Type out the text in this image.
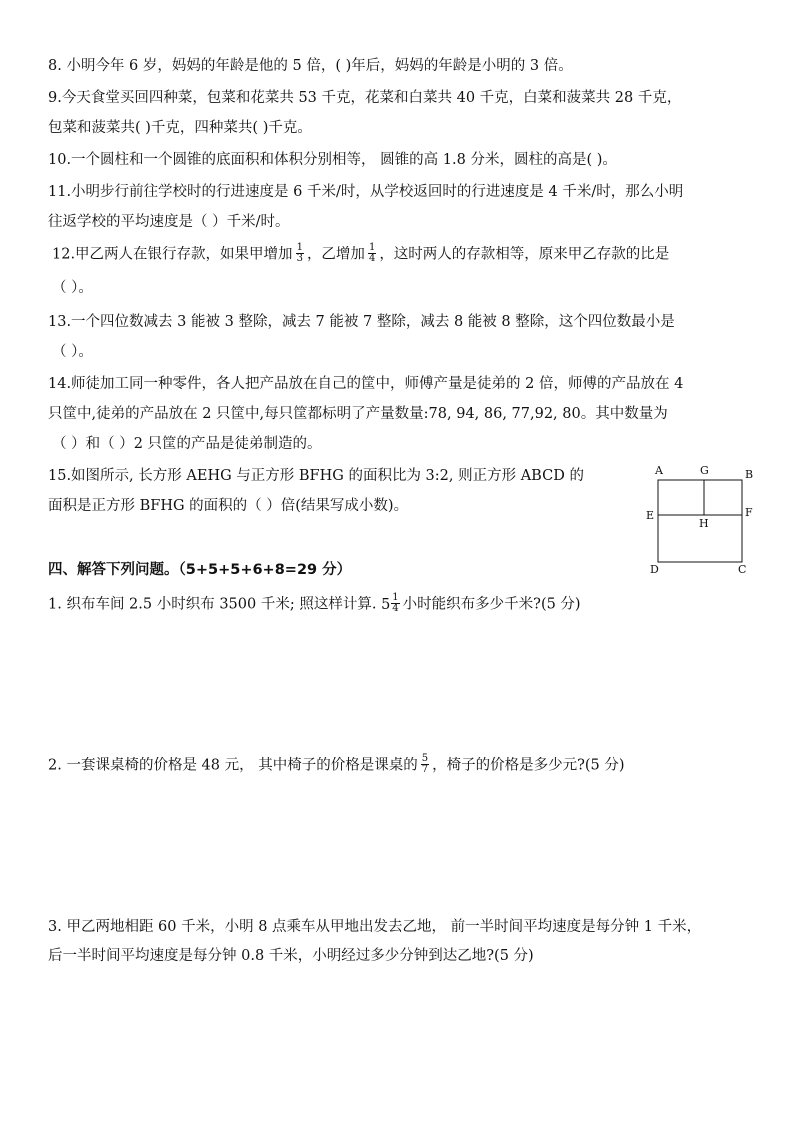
8. 小明今年 6 岁，妈妈的年龄是他的 5 倍，( )年后，妈妈的年龄是小明的 3 倍。
9.今天食堂买回四种菜，包菜和花菜共 53 千克，花菜和白菜共 40 千克，白菜和菠菜共 28 千克，
包菜和菠菜共( )千克，四种菜共( )千克。
10.一个圆柱和一个圆锥的底面积和体积分别相等， 圆锥的高 1.8 分米，圆柱的高是( )。
11.小明步行前往学校时的行进速度是 6 千米/时，从学校返回时的行进速度是 4 千米/时，那么小明
往返学校的平均速度是（ ）千米/时。
12.甲乙两人在银行存款，如果甲增加 $\frac{1}{3}$ ，乙增加 $\frac{1}{4}$ ，这时两人的存款相等，原来甲乙存款的比是
（ ）。
13.一个四位数减去 3 能被 3 整除，减去 7 能被 7 整除，减去 8 能被 8 整除，这个四位数最小是
（ ）。
14.师徒加工同一种零件，各人把产品放在自己的筐中，师傅产量是徒弟的 2 倍，师傅的产品放在 4
只筐中,徒弟的产品放在 2 只筐中,每只筐都标明了产量数量:78, 94, 86, 77,92, 80。其中数量为
（ ）和（ ）2 只筐的产品是徒弟制造的。
15.如图所示, 长方形 AEHG 与正方形 BFHG 的面积比为 3:2, 则正方形 ABCD 的
面积是正方形 BFHG 的面积的（ ）倍(结果写成小数)。
A	G	B
E
H
F
D	C
四、解答下列问题。（5+5+5+6+8=29 分）
1. 织布车间 2.5 小时织布 3500 千米; 照这样计算. $5 \frac{1}{4}$ 小时能织布多少千米?(5 分)
2. 一套课桌椅的价格是 48 元， 其中椅子的价格是课桌的 $\frac{5}{7}$ ，椅子的价格是多少元?(5 分)
3. 甲乙两地相距 60 千米，小明 8 点乘车从甲地出发去乙地， 前一半时间平均速度是每分钟 1 千米，
后一半时间平均速度是每分钟 0.8 千米，小明经过多少分钟到达乙地?(5 分)
